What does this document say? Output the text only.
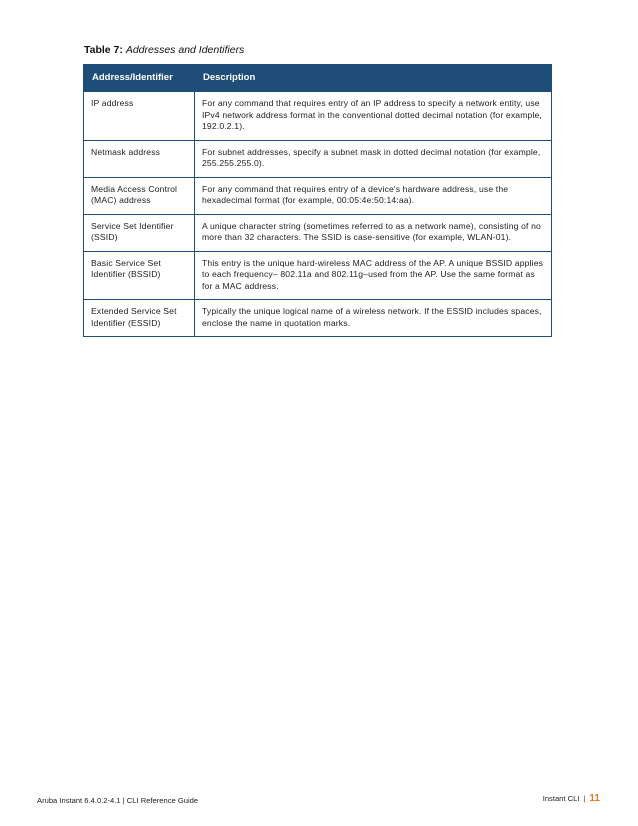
Table 7: Addresses and Identifiers
Address/Identifier	Description
IP address	For any command that requires entry of an IP address to specify a network entity, use IPv4 network address format in the conventional dotted decimal notation (for example, 192.0.2.1).
Netmask address	For subnet addresses, specify a subnet mask in dotted decimal notation (for example, 255.255.255.0).
Media Access Control (MAC) address	For any command that requires entry of a device's hardware address, use the hexadecimal format (for example, 00:05:4e:50:14:aa).
Service Set Identifier (SSID)	A unique character string (sometimes referred to as a network name), consisting of no more than 32 characters. The SSID is case-sensitive (for example, WLAN-01).
Basic Service Set Identifier (BSSID)	This entry is the unique hard-wireless MAC address of the AP. A unique BSSID applies to each frequency– 802.11a and 802.11g–used from the AP. Use the same format as for a MAC address.
Extended Service Set Identifier (ESSID)	Typically the unique logical name of a wireless network. If the ESSID includes spaces, enclose the name in quotation marks.
Aruba Instant 6.4.0.2-4.1 | CLI Reference Guide	Instant CLI | 11
